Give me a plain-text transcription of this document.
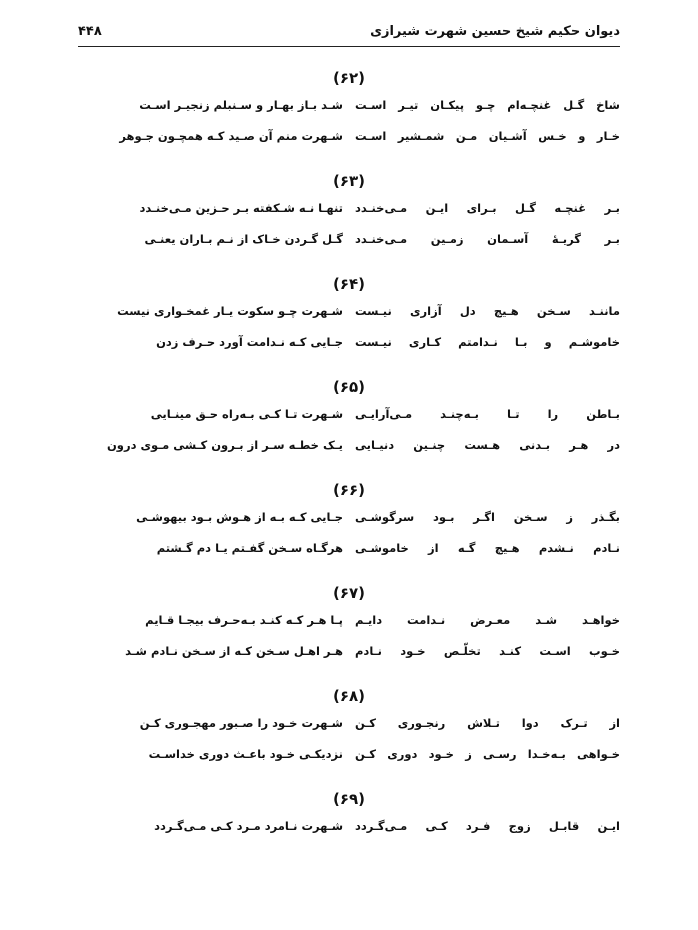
دیوان حکیم شیخ حسین شهرت شیرازی
۴۴۸
(۶۲)
شـد بـاز بهـار و سـنبلم زنجیـر اسـت شاخ گـل غنچـه‌ام چـو پیکـان تیـر اسـت
شـهرت منم آن صـید کـه همچـون جـوهر خـار و خـس آشـیان مـن شمـشیر اسـت
(۶۳)
تنهـا نـه شـکفته بـر حـزین مـی‌خنـدد بـر غنچـه گـل بـرای ایـن مـی‌خنـدد
گـل گـردن خـاک از نـم بـاران یعنـی بـر گریـهٔ آسـمان زمـین مـی‌خنـدد
(۶۴)
شـهرت چـو سکوت یـار غمخـواری نیست ماننـد سـخن هـیچ دل آزاری نیـست
جـایی کـه نـدامت آورد حـرف زدن خاموشـم و بـا نـدامتم کـاری نیـست
(۶۵)
شـهرت تـا کـی بـه‌راه حـق مینـایی بـاطن را تـا بـه‌چنـد مـی‌آرایـی
یـک خطـه سـر از بـرون کـشی مـوی درون در هـر بـدنی هـست چنـین دنیـایی
(۶۶)
جـایی کـه بـه از هـوش بـود بیهوشـی بگـذر ز سـخن اگـر بـود سرگوشـی
هرگـاه سـخن گفـتم یـا دم گـشتم نـادم نـشدم هـیچ گـه از خاموشـی
(۶۷)
پـا هـر کـه کنـد بـه‌حـرف بیجـا قـایم خواهـد شـد معـرض نـدامت دایـم
هـر اهـل سـخن کـه از سـخن نـادم شـد خـوب اسـت کنـد تخلّـص خـود نـادم
(۶۸)
شـهرت خـود را صـبور مهجـوری کـن از تـرک دوا تـلاش رنجـوری کـن
نزدیکـی خـود باعـث دوری خداسـت خـواهی بـه‌خـدا رسـی ز خـود دوری کـن
(۶۹)
شـهرت نـامرد مـرد کـی مـی‌گـردد ایـن قابـل زوج فـرد کـی مـی‌گـردد
